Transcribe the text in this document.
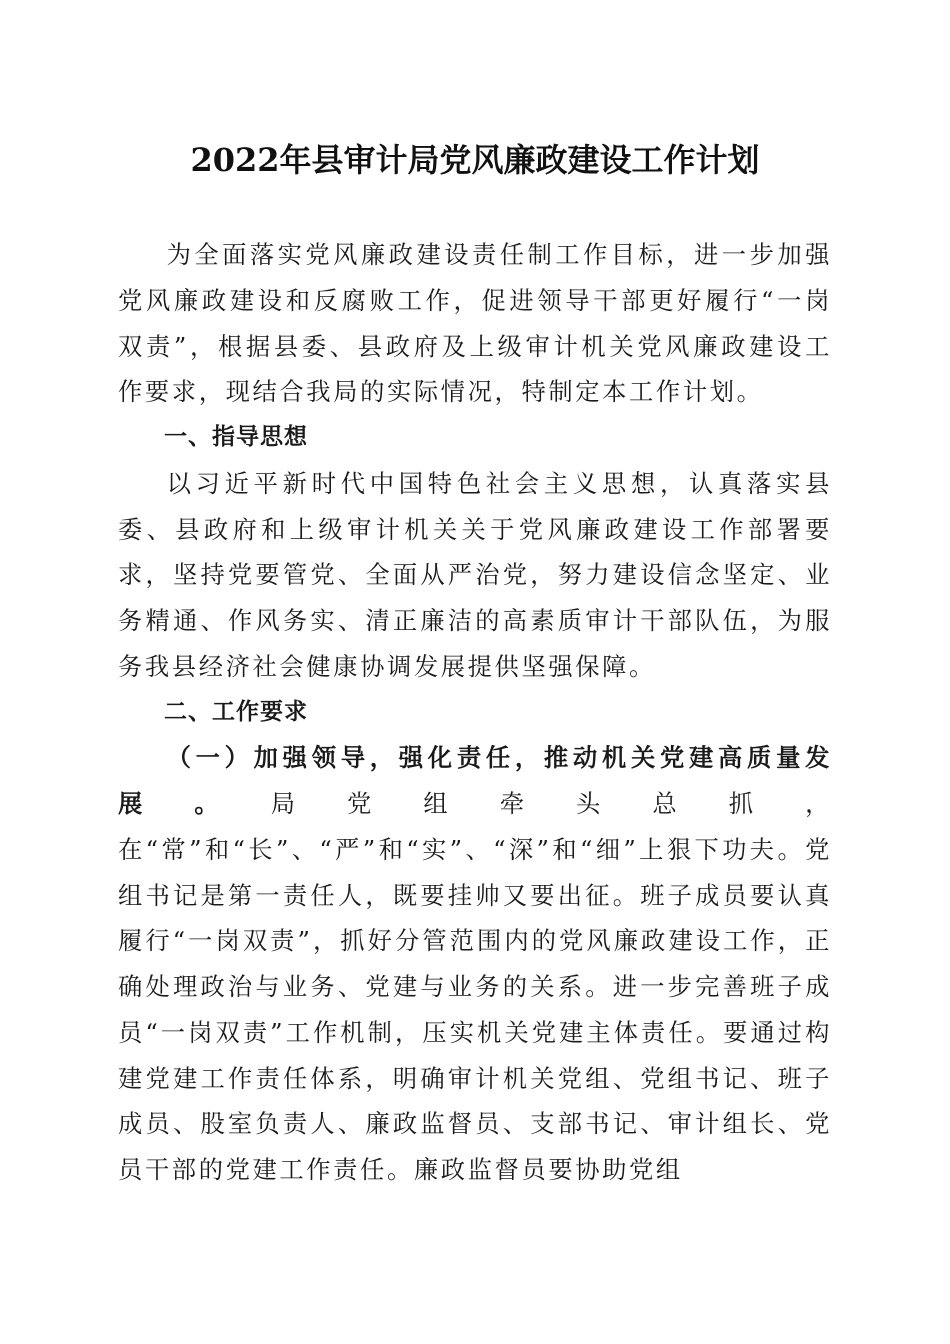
2022年县审计局党风廉政建设工作计划

为全面落实党风廉政建设责任制工作目标，进一步加强党风廉政建设和反腐败工作，促进领导干部更好履行“一岗双责”，根据县委、县政府及上级审计机关党风廉政建设工作要求，现结合我局的实际情况，特制定本工作计划。

一、指导思想

以习近平新时代中国特色社会主义思想，认真落实县委、县政府和上级审计机关关于党风廉政建设工作部署要求，坚持党要管党、全面从严治党，努力建设信念坚定、业务精通、作风务实、清正廉洁的高素质审计干部队伍，为服务我县经济社会健康协调发展提供坚强保障。

二、工作要求

（一）加强领导，强化责任，推动机关党建高质量发展。局党组牵头总抓，在“常”和“长”、“严”和“实”、“深”和“细”上狠下功夫。党组书记是第一责任人，既要挂帅又要出征。班子成员要认真履行“一岗双责”，抓好分管范围内的党风廉政建设工作，正确处理政治与业务、党建与业务的关系。进一步完善班子成员“一岗双责”工作机制，压实机关党建主体责任。要通过构建党建工作责任体系，明确审计机关党组、党组书记、班子成员、股室负责人、廉政监督员、支部书记、审计组长、党员干部的党建工作责任。廉政监督员要协助党组
